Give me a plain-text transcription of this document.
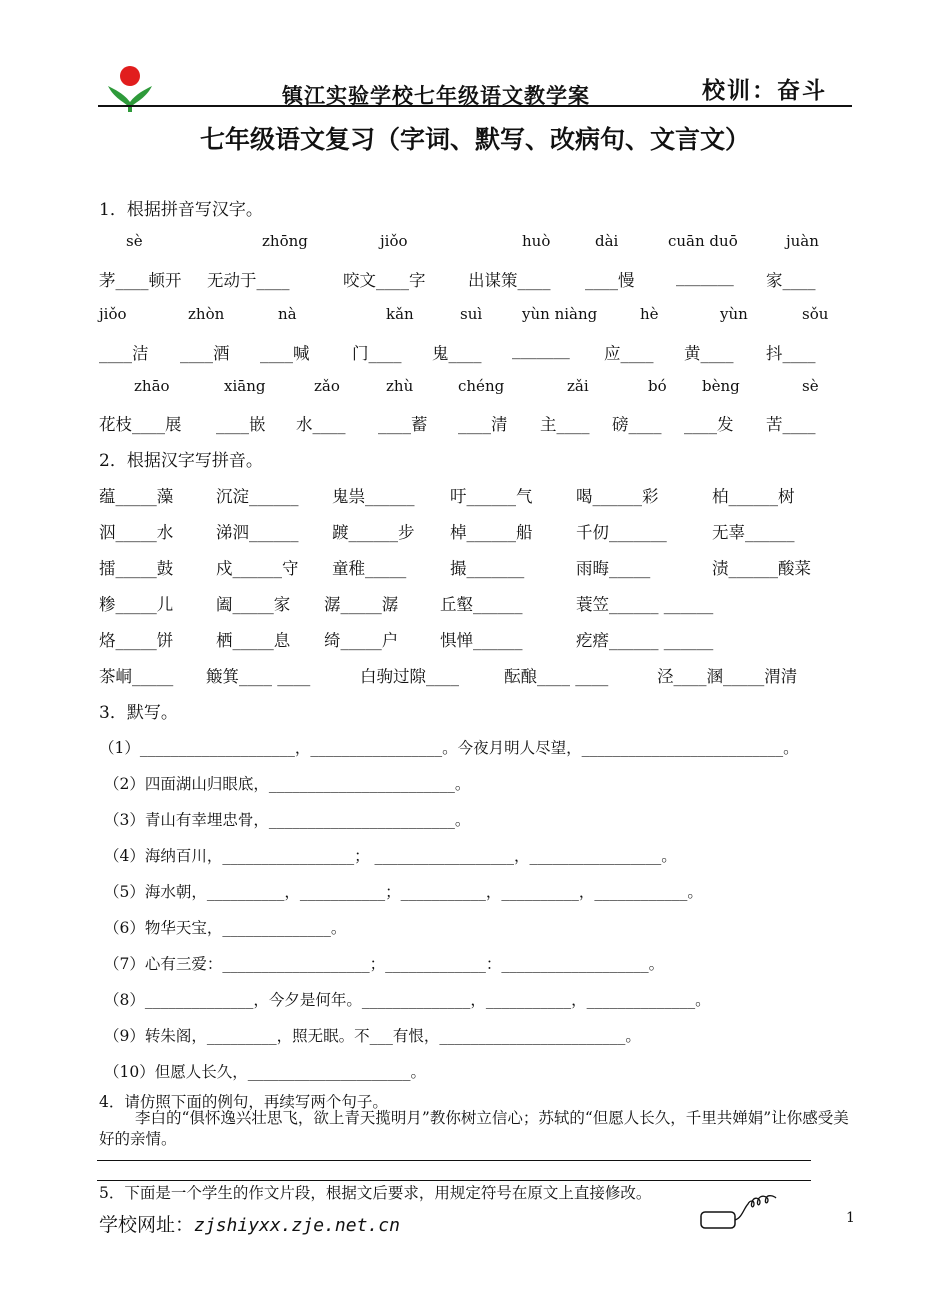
镇江实验学校七年级语文教学案	校训：奋斗
七年级语文复习（字词、默写、改病句、文言文）
1．根据拼音写汉字。
sè	zhōng	jiǒo	huò	dài	cuān duō	juàn
茅____顿开 无动于____	咬文____字	出谋策____ ____慢	_______ 家____
jiǒo	zhòn	nà	kǎn	suì	yùn niàng	hè	yùn	sǒu
____洁 ____酒 ____喊	门____ 鬼____ _______ 应____ 黄____ 抖____
zhāo	xiāng	zǎo	zhù	chéng	zǎi	bó bèng	sè
花枝____展 ____嵌 水____ ____蓄 ____清 主____ 磅____ ____发 苦____
2．根据汉字写拼音。
蕴_____藻	沉淀______ 鬼祟______ 吁______气	喝______彩	柏______树
泅_____水	涕泗______ 踱______步 棹______船	千仞_______	无辜______
擂_____鼓	戍______守 童稚_____	撮_______	雨晦_____	渍______酸菜
糁_____儿	阖_____家 潺_____潺	丘壑______	蓑笠______ ______
烙_____饼	栖_____息 绮_____户	惧惮______	疙瘩______ ______
茶峒_____ 簸箕____ ____	白驹过隙____	酝酿____ ____	泾____溷_____渭清
3．默写。
（1）____________________，_________________。今夜月明人尽望，__________________________。
（2）四面湖山归眼底，________________________。
（3）青山有幸埋忠骨，________________________。
（4）海纳百川，_________________； __________________，_________________。
（5）海水朝，__________，___________；___________，__________，____________。
（6）物华天宝，______________。
（7）心有三爱：___________________；_____________：___________________。
（8）______________，今夕是何年。______________，___________，______________。
（9）转朱阁，_________，照无眠。不___有恨，________________________。
（10）但愿人长久，_____________________。
4．请仿照下面的例句，再续写两个句子。
李白的“俱怀逸兴壮思飞，欲上青天揽明月”教你树立信心；苏轼的“但愿人长久，千里共婵娟”让你感受美好的亲情。
5．下面是一个学生的作文片段，根据文后要求，用规定符号在原文上直接修改。
学校网址：zjshiyxx.zje.net.cn	1
